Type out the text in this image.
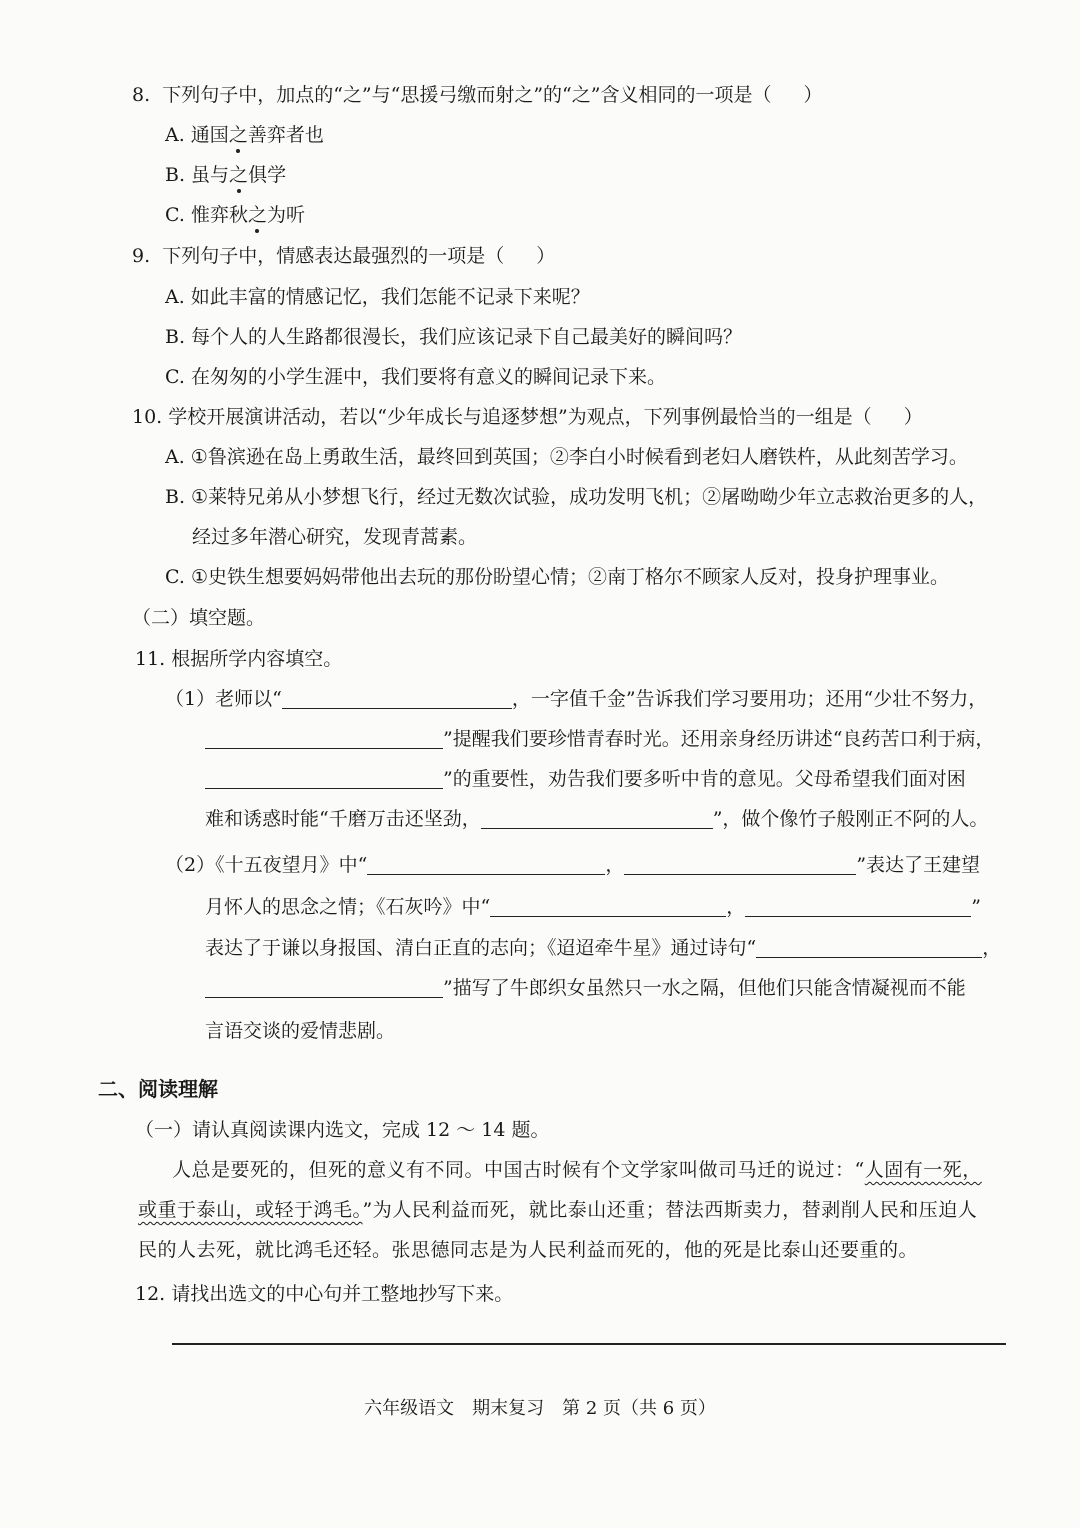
8.  下列句子中，加点的“之”与“思援弓缴而射之”的“之”含义相同的一项是（ ）
A. 通国之善弈者也
B. 虽与之俱学
C. 惟弈秋之为听
9.  下列句子中，情感表达最强烈的一项是（ ）
A. 如此丰富的情感记忆，我们怎能不记录下来呢？
B. 每个人的人生路都很漫长，我们应该记录下自己最美好的瞬间吗？
C. 在匆匆的小学生涯中，我们要将有意义的瞬间记录下来。
10. 学校开展演讲活动，若以“少年成长与追逐梦想”为观点，下列事例最恰当的一组是（ ）
A. ①鲁滨逊在岛上勇敢生活，最终回到英国；②李白小时候看到老妇人磨铁杵，从此刻苦学习。
B. ①莱特兄弟从小梦想飞行，经过无数次试验，成功发明飞机；②屠呦呦少年立志救治更多的人，
经过多年潜心研究，发现青蒿素。
C. ①史铁生想要妈妈带他出去玩的那份盼望心情；②南丁格尔不顾家人反对，投身护理事业。
（二）填空题。
11. 根据所学内容填空。
（1）老师以“	，一字值千金”告诉我们学习要用功；还用“少壮不努力，
”提醒我们要珍惜青春时光。还用亲身经历讲述“良药苦口利于病，
”的重要性，劝告我们要多听中肯的意见。父母希望我们面对困
难和诱惑时能“千磨万击还坚劲，	”，做个像竹子般刚正不阿的人。
（2）《十五夜望月》中“	，	”表达了王建望
月怀人的思念之情；《石灰吟》中“	，	”
表达了于谦以身报国、清白正直的志向；《迢迢牵牛星》通过诗句“	，
”描写了牛郎织女虽然只一水之隔，但他们只能含情凝视而不能
言语交谈的爱情悲剧。
二、阅读理解
（一）请认真阅读课内选文，完成 12 ～ 14 题。
人总是要死的，但死的意义有不同。中国古时候有个文学家叫做司马迁的说过：“人固有一死，
或重于泰山，或轻于鸿毛。”为人民利益而死，就比泰山还重；替法西斯卖力，替剥削人民和压迫人
民的人去死，就比鸿毛还轻。张思德同志是为人民利益而死的，他的死是比泰山还要重的。
12. 请找出选文的中心句并工整地抄写下来。
六年级语文　期末复习　第 2 页（共 6 页）
